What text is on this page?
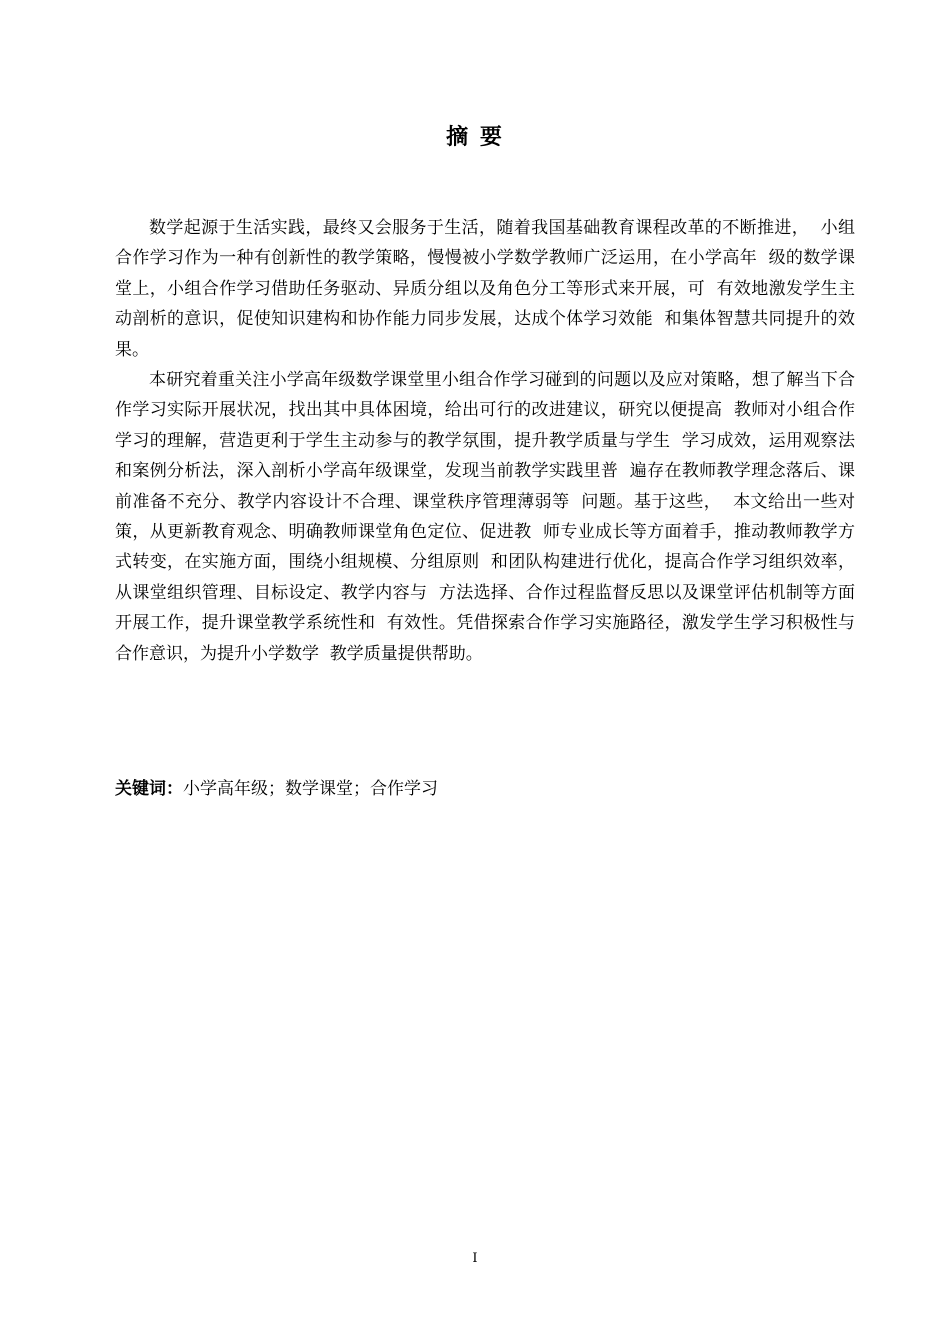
摘 要

数学起源于生活实践，最终又会服务于生活，随着我国基础教育课程改革的不断推进，  小组合作学习作为一种有创新性的教学策略，慢慢被小学数学教师广泛运用，在小学高年  级的数学课堂上，小组合作学习借助任务驱动、异质分组以及角色分工等形式来开展，可  有效地激发学生主动剖析的意识，促使知识建构和协作能力同步发展，达成个体学习效能  和集体智慧共同提升的效果。

本研究着重关注小学高年级数学课堂里小组合作学习碰到的问题以及应对策略，想了解当下合作学习实际开展状况，找出其中具体困境，给出可行的改进建议，研究以便提高  教师对小组合作学习的理解，营造更利于学生主动参与的教学氛围，提升教学质量与学生  学习成效，运用观察法和案例分析法，深入剖析小学高年级课堂，发现当前教学实践里普  遍存在教师教学理念落后、课前准备不充分、教学内容设计不合理、课堂秩序管理薄弱等  问题。基于这些，  本文给出一些对策，从更新教育观念、明确教师课堂角色定位、促进教  师专业成长等方面着手，推动教师教学方式转变，在实施方面，围绕小组规模、分组原则  和团队构建进行优化，提高合作学习组织效率，从课堂组织管理、目标设定、教学内容与  方法选择、合作过程监督反思以及课堂评估机制等方面开展工作，提升课堂教学系统性和  有效性。凭借探索合作学习实施路径，激发学生学习积极性与合作意识，为提升小学数学  教学质量提供帮助。

关键词：小学高年级；数学课堂；合作学习
I
